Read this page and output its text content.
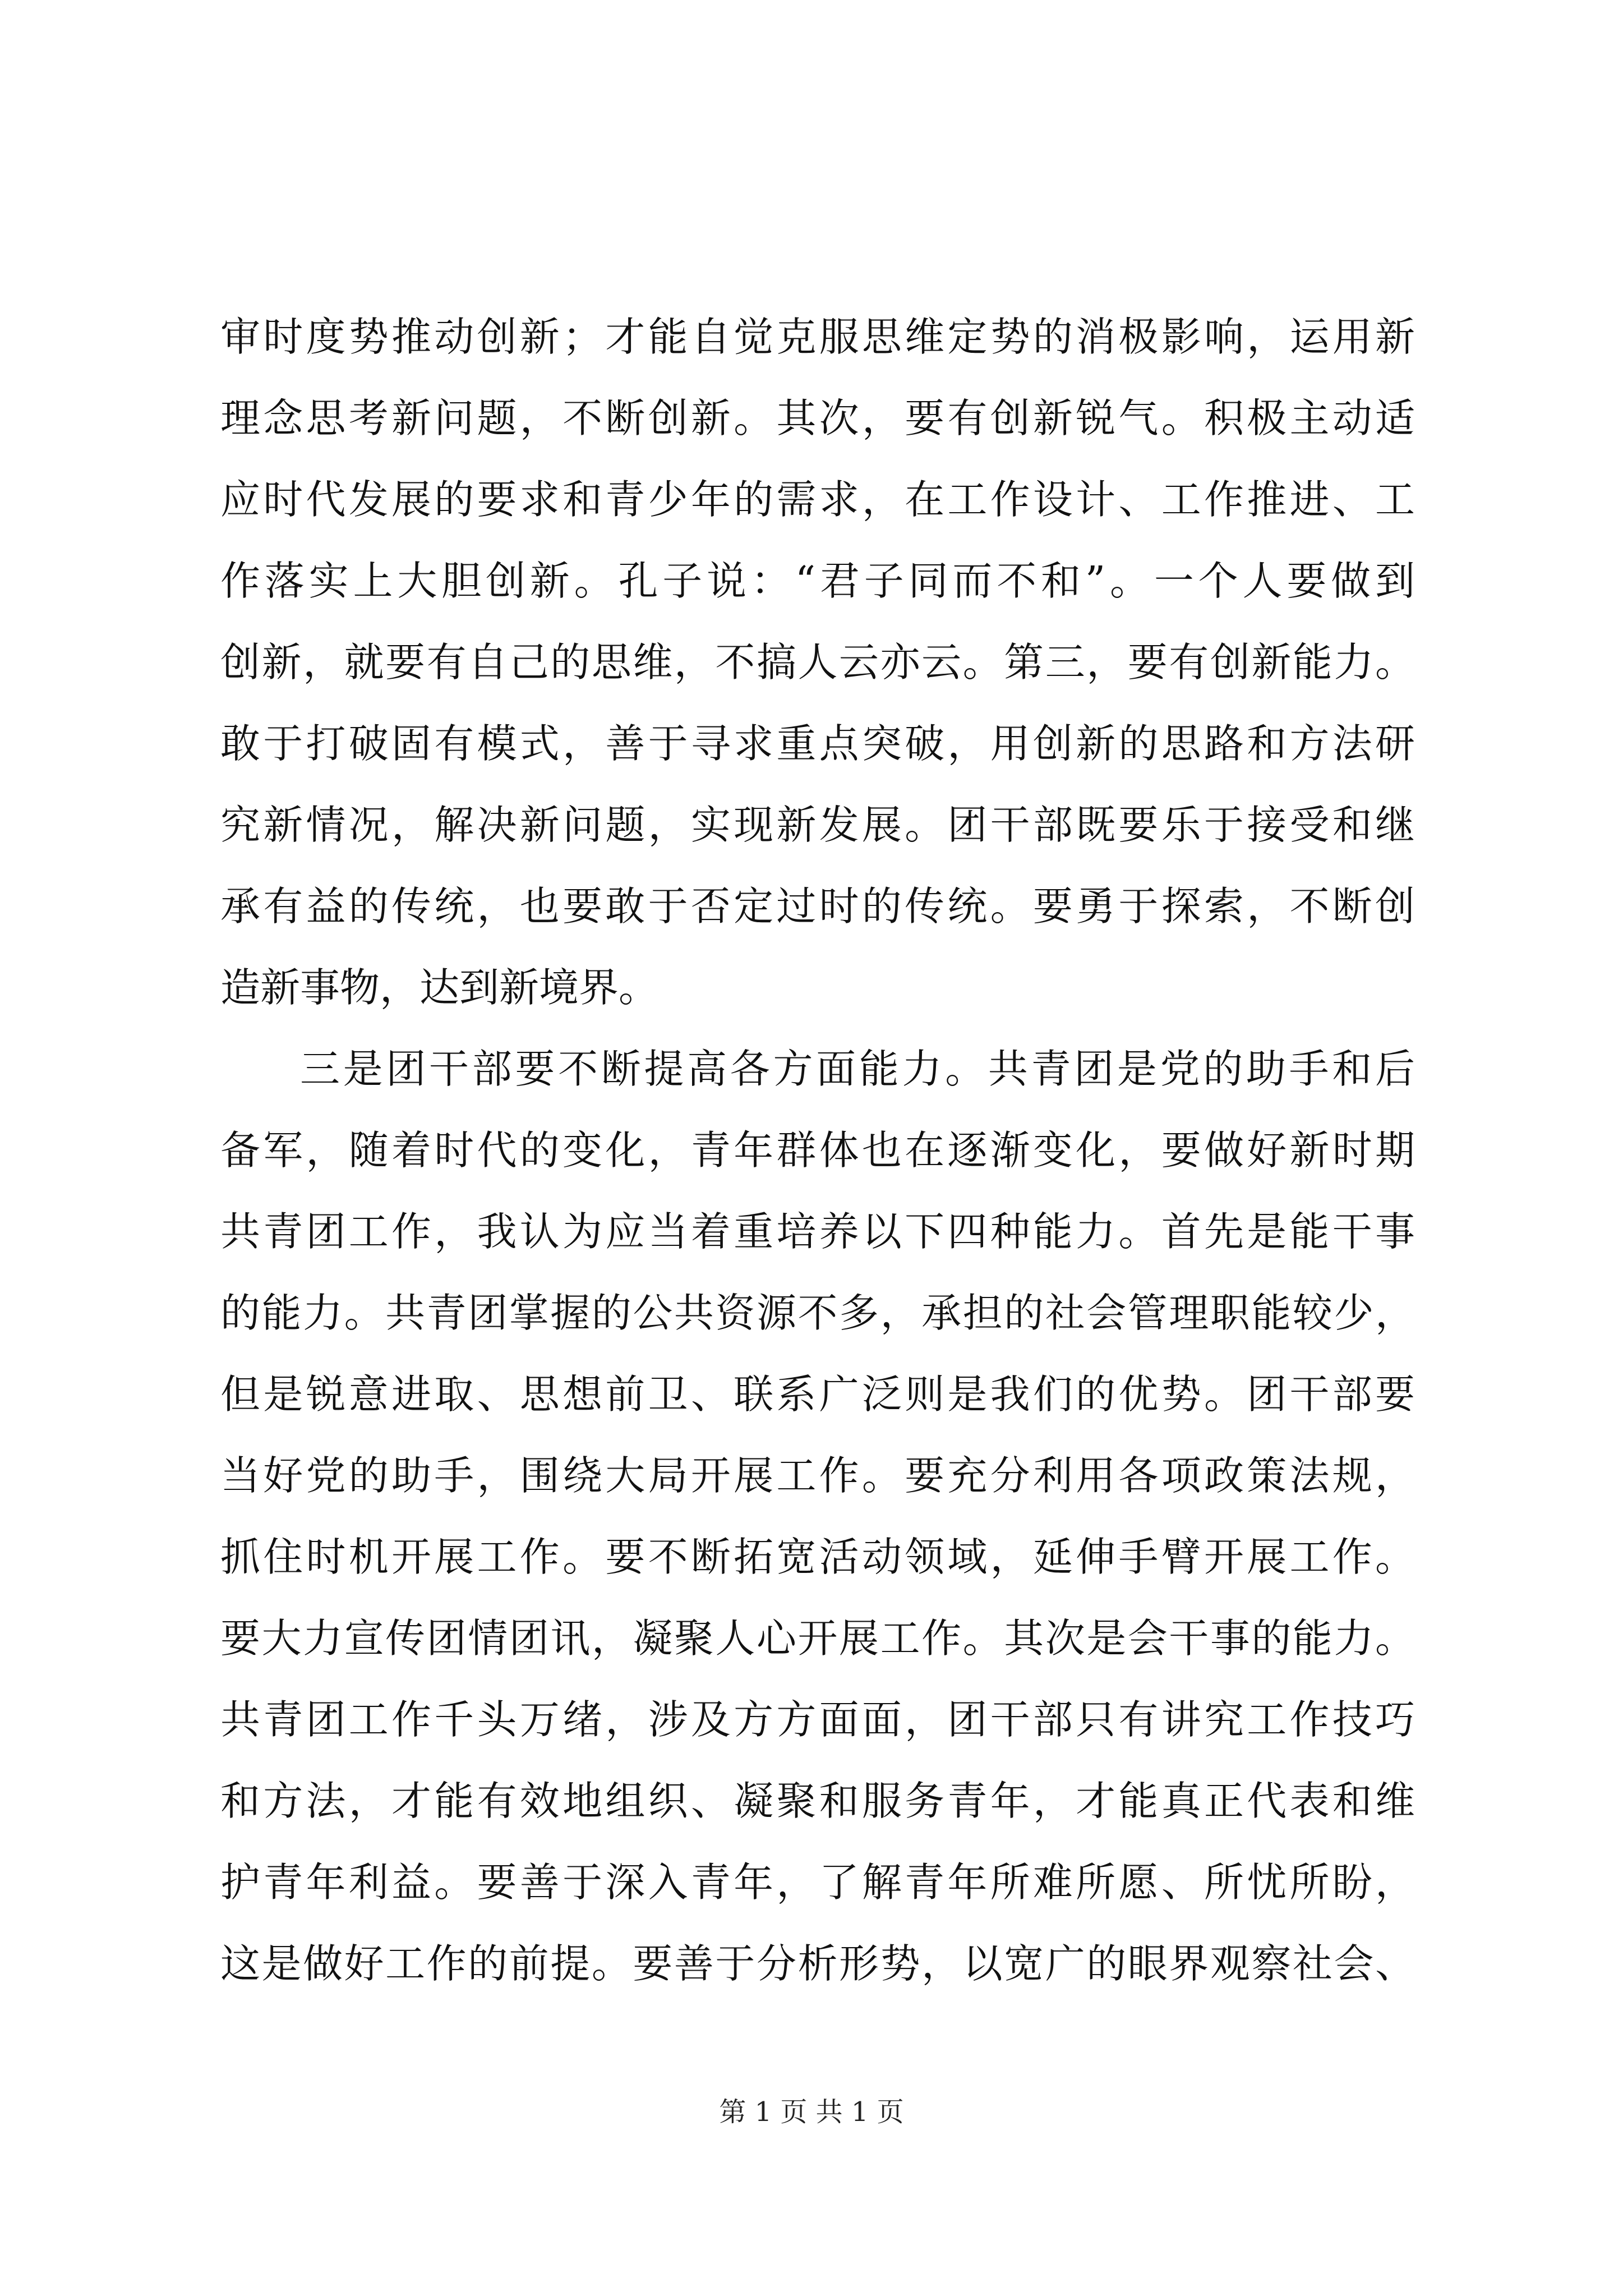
审时度势推动创新；才能自觉克服思维定势的消极影响，运用新
理念思考新问题，不断创新。其次，要有创新锐气。积极主动适
应时代发展的要求和青少年的需求，在工作设计、工作推进、工
作落实上大胆创新。孔子说：“君子同而不和”。一个人要做到
创新，就要有自己的思维，不搞人云亦云。第三，要有创新能力。
敢于打破固有模式，善于寻求重点突破，用创新的思路和方法研
究新情况，解决新问题，实现新发展。团干部既要乐于接受和继
承有益的传统，也要敢于否定过时的传统。要勇于探索，不断创
造新事物，达到新境界。
三是团干部要不断提高各方面能力。共青团是党的助手和后
备军，随着时代的变化，青年群体也在逐渐变化，要做好新时期
共青团工作，我认为应当着重培养以下四种能力。首先是能干事
的能力。共青团掌握的公共资源不多，承担的社会管理职能较少，
但是锐意进取、思想前卫、联系广泛则是我们的优势。团干部要
当好党的助手，围绕大局开展工作。要充分利用各项政策法规，
抓住时机开展工作。要不断拓宽活动领域，延伸手臂开展工作。
要大力宣传团情团讯，凝聚人心开展工作。其次是会干事的能力。
共青团工作千头万绪，涉及方方面面，团干部只有讲究工作技巧
和方法，才能有效地组织、凝聚和服务青年，才能真正代表和维
护青年利益。要善于深入青年，了解青年所难所愿、所忧所盼，
这是做好工作的前提。要善于分析形势，以宽广的眼界观察社会、
第 1 页 共 1 页
